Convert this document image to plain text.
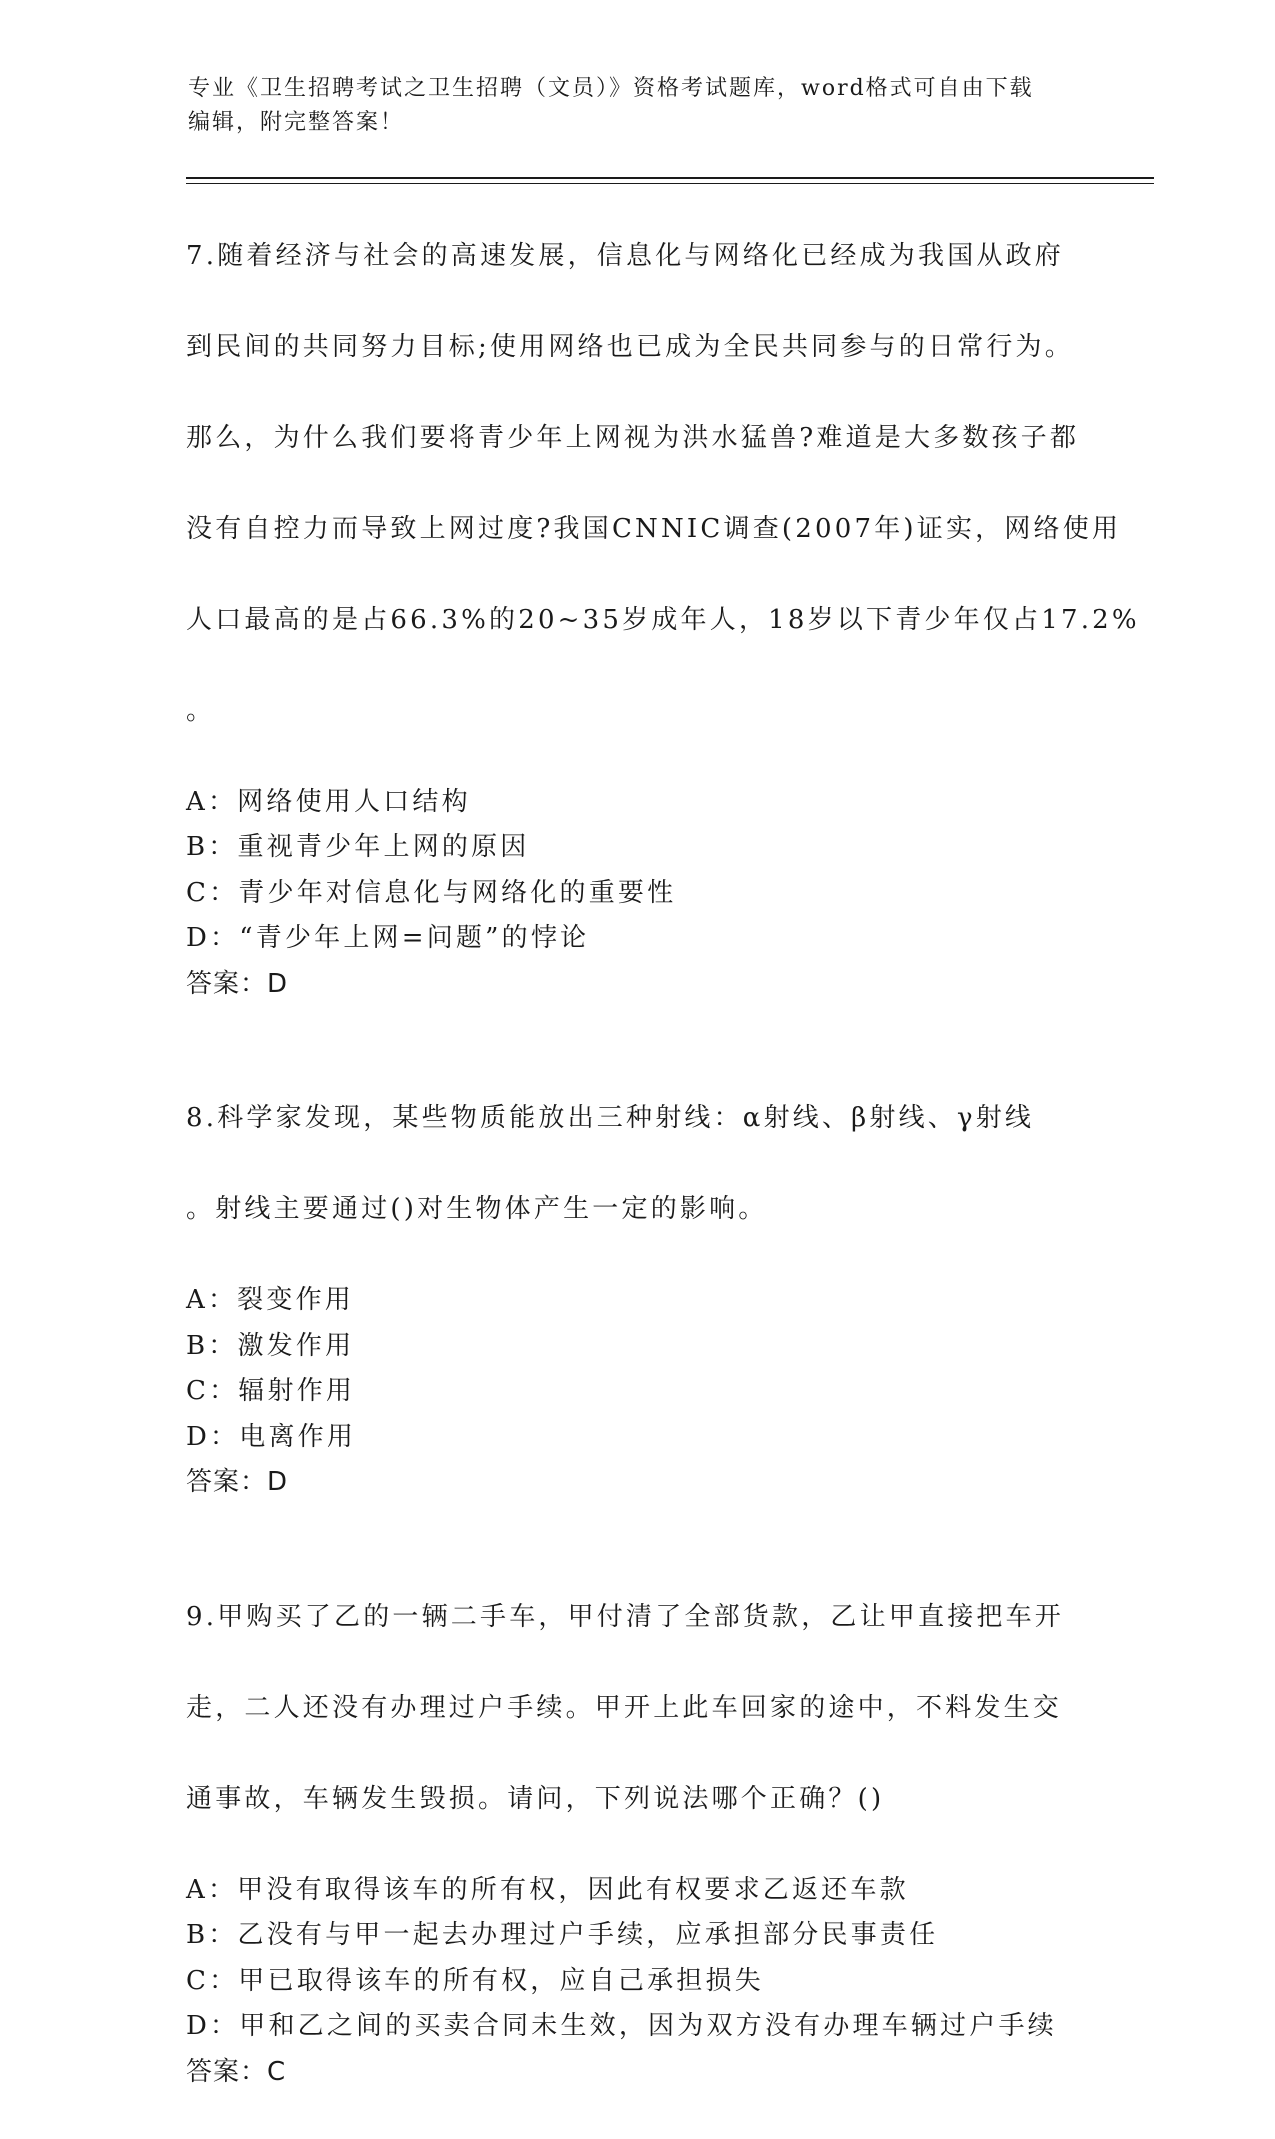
专业《卫生招聘考试之卫生招聘（文员）》资格考试题库，word格式可自由下载
编辑，附完整答案！

7.随着经济与社会的高速发展，信息化与网络化已经成为我国从政府

到民间的共同努力目标;使用网络也已成为全民共同参与的日常行为。

那么，为什么我们要将青少年上网视为洪水猛兽?难道是大多数孩子都

没有自控力而导致上网过度?我国CNNIC调查(2007年)证实，网络使用

人口最高的是占66.3%的20~35岁成年人，18岁以下青少年仅占17.2%

。

A：网络使用人口结构
B：重视青少年上网的原因
C：青少年对信息化与网络化的重要性
D：“青少年上网=问题”的悖论
答案：D

8.科学家发现，某些物质能放出三种射线：α射线、β射线、γ射线

。射线主要通过()对生物体产生一定的影响。

A：裂变作用
B：激发作用
C：辐射作用
D：电离作用
答案：D

9.甲购买了乙的一辆二手车，甲付清了全部货款，乙让甲直接把车开

走，二人还没有办理过户手续。甲开上此车回家的途中，不料发生交

通事故，车辆发生毁损。请问，下列说法哪个正确？()

A：甲没有取得该车的所有权，因此有权要求乙返还车款
B：乙没有与甲一起去办理过户手续，应承担部分民事责任
C：甲已取得该车的所有权，应自己承担损失
D：甲和乙之间的买卖合同未生效，因为双方没有办理车辆过户手续
答案：C
